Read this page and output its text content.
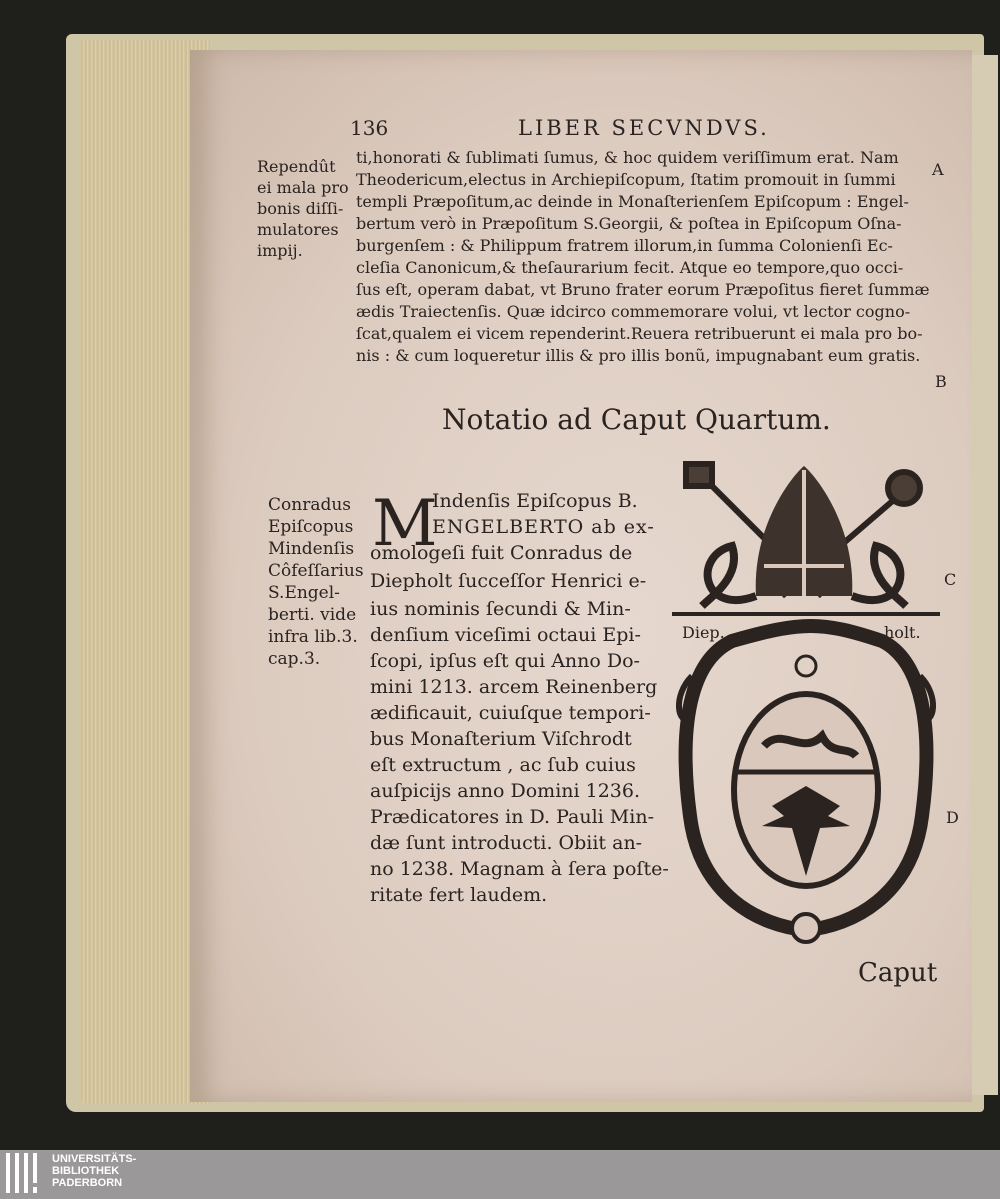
136	LIBER SECVNDVS.
Rependût
ei mala pro
bonis diſſi-
mulatores
impij.
ti,honorati & ſublimati ſumus, & hoc quidem veriſſimum erat. Nam
Theodericum,electus in Archiepiſcopum, ſtatim promouit in ſummi
templi Præpoſitum,ac deinde in Monaſterienſem Epiſcopum : Engel-
bertum verò in Præpoſitum S.Georgii, & poſtea in Epiſcopum Oſna-
burgenſem : & Philippum fratrem illorum,in ſumma Colonienſi Ec-
cleſia Canonicum,& theſaurarium fecit. Atque eo tempore,quo occi-
ſus eſt, operam dabat, vt Bruno frater eorum Præpoſitus fieret ſummæ
ædis Traiectenſis. Quæ idcirco commemorare volui, vt lector cogno-
ſcat,qualem ei vicem rependerint.Reuera retribuerunt ei mala pro bo-
nis : & cum loqueretur illis & pro illis bonũ, impugnabant eum gratis.
Notatio ad Caput Quartum.
Conradus
Epiſcopus
Mindenſis
Côfeſſarius
S.Engel-
berti. vide
infra lib.3.
cap.3.
M
Indenſis Epiſcopus B.
ENGELBERTO ab ex-
omologeſi fuit Conradus de
Diepholt ſucceſſor Henrici e-
ius nominis ſecundi & Min-
denſium viceſimi octaui Epi-
ſcopi, ipſus eſt qui Anno Do-
mini 1213. arcem Reinenberg
ædificauit, cuiuſque tempori-
bus Monaſterium Viſchrodt
eſt extructum , ac ſub cuius
auſpicijs anno Domini 1236.
Prædicatores in D. Pauli Min-
dæ ſunt introducti. Obiit an-
no 1238. Magnam à ſera poſte-
ritate fert laudem.
Diep.	holt.
A
B
C
D
Caput
UNIVERSITÄTS-
BIBLIOTHEK
PADERBORN
